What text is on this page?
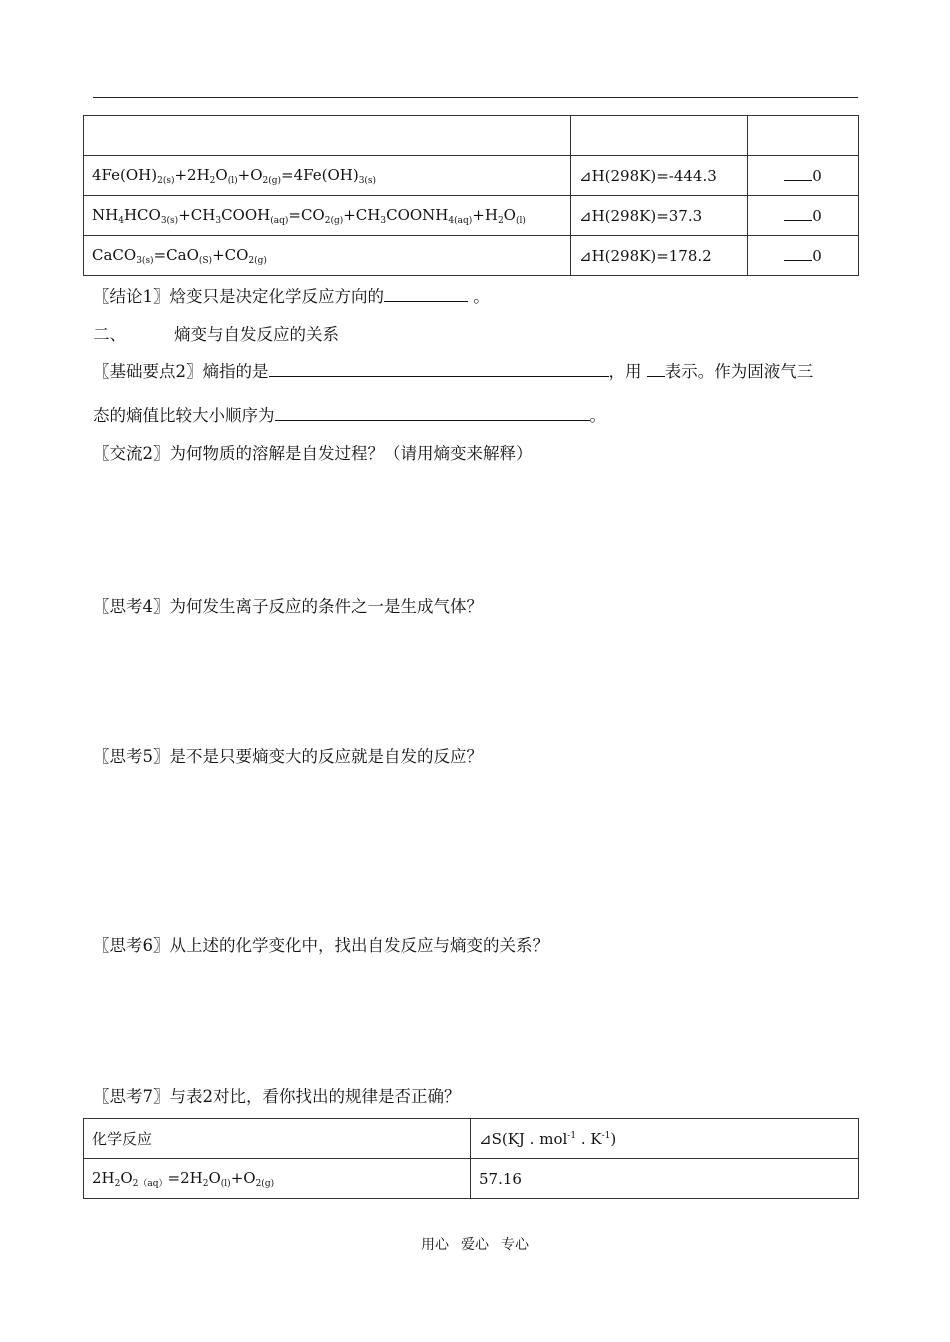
$4Fe(OH)_{2(s)}+2H_2O_{(l)}+O_{2(g)}=4Fe(OH)_{3(s)}$	⊿H(298K)=-444.3	0
$NH_4HCO_{3(s)}+CH_3COOH_{(aq)}=CO_{2(g)}+CH_3COONH_{4(aq)}+H_2O_{(l)}$	⊿H(298K)=37.3	0
$CaCO_{3(s)}=CaO_{(S)}+CO_{2(g)}$	⊿H(298K)=178.2	0
〖结论1〗焓变只是决定化学反应方向的	。
二、	熵变与自发反应的关系
〖基础要点2〗熵指的是	，用 表示。作为固液气三
态的熵值比较大小顺序为	。
〖交流2〗为何物质的溶解是自发过程？（请用熵变来解释）
〖思考4〗为何发生离子反应的条件之一是生成气体？
〖思考5〗是不是只要熵变大的反应就是自发的反应？
〖思考6〗从上述的化学变化中，找出自发反应与熵变的关系？
〖思考7〗与表2对比，看你找出的规律是否正确？
化学反应	⊿S(KJ . mol$^{-1}$ . $K^{-1}$)
$2H_2O_{2(aq)}=2H_2O_{(l)}+O_{2(g)}$	57.16
用心 爱心 专心
